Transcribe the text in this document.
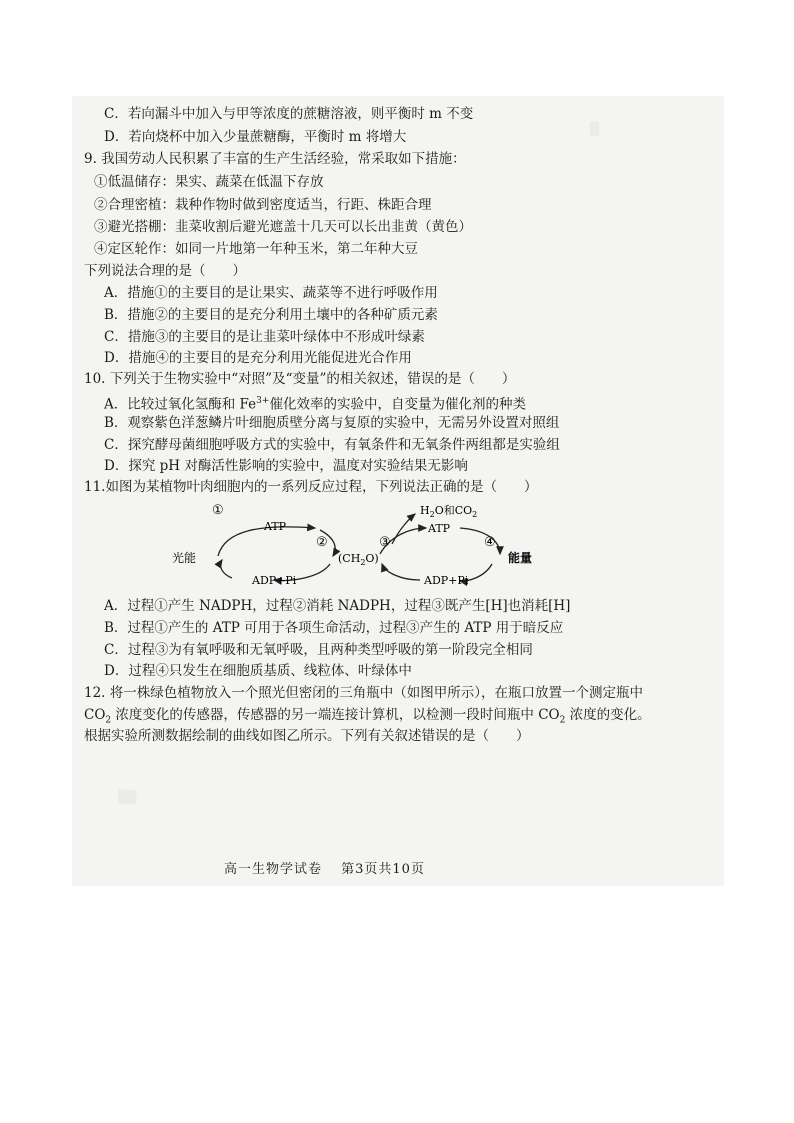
▒
▒▒
C．若向漏斗中加入与甲等浓度的蔗糖溶液，则平衡时 m 不变
D．若向烧杯中加入少量蔗糖酶，平衡时 m 将增大
9. 我国劳动人民积累了丰富的生产生活经验，常采取如下措施：
①低温储存：果实、蔬菜在低温下存放
②合理密植：栽种作物时做到密度适当，行距、株距合理
③避光搭棚：韭菜收割后避光遮盖十几天可以长出韭黄（黄色）
④定区轮作：如同一片地第一年种玉米，第二年种大豆
下列说法合理的是（　　）
A．措施①的主要目的是让果实、蔬菜等不进行呼吸作用
B．措施②的主要目的是充分利用土壤中的各种矿质元素
C．措施③的主要目的是让韭菜叶绿体中不形成叶绿素
D．措施④的主要目的是充分利用光能促进光合作用
10. 下列关于生物实验中“对照”及“变量”的相关叙述，错误的是（　　）
A．比较过氧化氢酶和 $Fe^{3+}$催化效率的实验中，自变量为催化剂的种类
B．观察紫色洋葱鳞片叶细胞质壁分离与复原的实验中，无需另外设置对照组
C．探究酵母菌细胞呼吸方式的实验中，有氧条件和无氧条件两组都是实验组
D．探究 pH 对酶活性影响的实验中，温度对实验结果无影响
11.如图为某植物叶肉细胞内的一系列反应过程，下列说法正确的是（　　）
光能
①
ATP
②
ADP+Pi
$(CH_2O)$
③
$H_2O$和$CO_2$
ATP
④
能量
ADP+Pi
A．过程①产生 NADPH，过程②消耗 NADPH，过程③既产生[H]也消耗[H]
B．过程①产生的 ATP 可用于各项生命活动，过程③产生的 ATP 用于暗反应
C．过程③为有氧呼吸和无氧呼吸，且两种类型呼吸的第一阶段完全相同
D．过程④只发生在细胞质基质、线粒体、叶绿体中
12. 将一株绿色植物放入一个照光但密闭的三角瓶中（如图甲所示），在瓶口放置一个测定瓶中
$CO_2$ 浓度变化的传感器，传感器的另一端连接计算机，以检测一段时间瓶中 $CO_2$ 浓度的变化。
根据实验所测数据绘制的曲线如图乙所示。下列有关叙述错误的是（　　）
高一生物学试卷　 第3页共10页
